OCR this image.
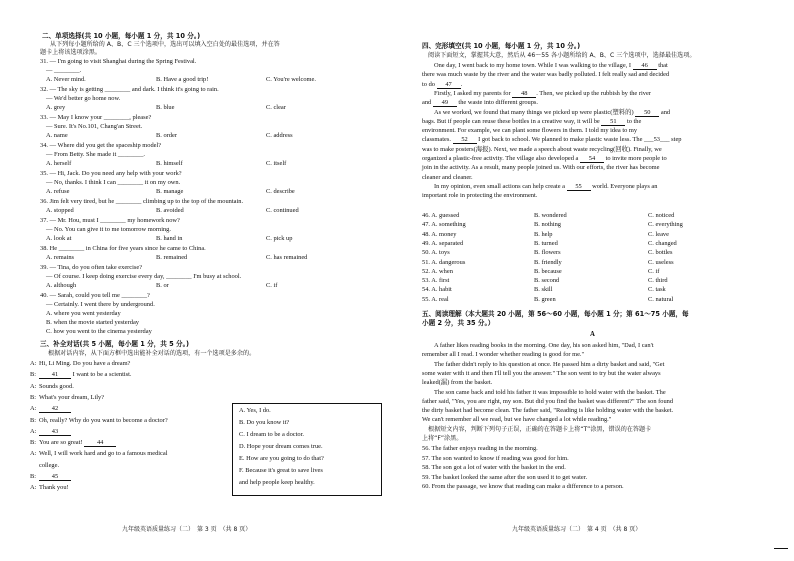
二、单项选择(共 10 小题，每小题 1 分，共 10 分。)
从下列每小题所给的 A、B、C 三个选项中，选出可以填入空白处的最佳选项，并在答
题卡上将该选项涂黑。
31. — I'm going to visit Shanghai during the Spring Festival.
— ________.
A. Never mind.	B. Have a good trip!	C. You're welcome.
32. — The sky is getting ________ and dark. I think it's going to rain.
— We'd better go home now.
A. grey	B. blue	C. clear
33. — May I know your ________, please?
— Sure. It's No.101, Chang'an Street.
A. name	B. order	C. address
34. — Where did you get the spaceship model?
— From Betty. She made it ________.
A. herself	B. himself	C. itself
35. — Hi, Jack. Do you need any help with your work?
— No, thanks. I think I can ________ it on my own.
A. refuse	B. manage	C. describe
36. Jim felt very tired, but he ________ climbing up to the top of the mountain.
A. stopped	B. avoided	C. continued
37. — Mr. Hou, must I ________ my homework now?
— No. You can give it to me tomorrow morning.
A. look at	B. hand in	C. pick up
38. He ________ in China for five years since he came to China.
A. remains	B. remained	C. has remained
39. — Tina, do you often take exercise?
— Of course. I keep doing exercise every day, ________ I'm busy at school.
A. although	B. or	C. if
40. — Sarah, could you tell me ________?
— Certainly. I went there by underground.
A. where you went yesterday
B. when the movie started yesterday
C. how you went to the cinema yesterday
三、补全对话(共 5 小题，每小题 1 分，共 5 分。)
根据对话内容，从下面方框中选出能补全对话的选项，有一个选项是多余的。
A: Hi, Li Ming. Do you have a dream?
B: 41 I want to be a scientist.
A: Sounds good.
B: What's your dream, Lily?
A: 42
B: Oh, really? Why do you want to become a doctor?
A: 43
B: You are so great! 44
A: Well, I will work hard and go to a famous medical
college.
B: 45
A: Thank you!
A. Yes, I do.
B. Do you know it?
C. I dream to be a doctor.
D. Hope your dream comes true.
E. How are you going to do that?
F. Because it's great to save lives
and help people keep healthy.
九年级英语质量练习（二）　第 3 页　（共 8 页）
四、完形填空(共 10 小题，每小题 1 分，共 10 分。)
阅读下面短文，掌握其大意，然后从 46～55 各小题所给的 A、B、C 三个选项中，选择最佳选项。
One day, I went back to my home town. While I was walking to the village, I 46 that
there was much waste by the river and the water was badly polluted. I felt really sad and decided
to do 47 .
Firstly, I asked my parents for 48 . Then, we picked up the rubbish by the river
and 49 the waste into different groups.
As we worked, we found that many things we picked up were plastic(塑料的) 50 and
bags. But if people can reuse these bottles in a creative way, it will be 51 to the
environment. For example, we can plant some flowers in them. I told my idea to my
classmates. 52 I got back to school. We planned to make plastic waste less. The ___53___ step
was to make posters(海报). Next, we made a speech about waste recycling(回收). Finally, we
organized a plastic-free activity. The village also developed a 54 to invite more people to
join in the activity. As a result, many people joined us. With our efforts, the river has become
cleaner and cleaner.
In my opinion, even small actions can help create a 55 world. Everyone plays an
important role in protecting the environment.
46. A. guessed	B. wondered	C. noticed
47. A. something	B. nothing	C. everything
48. A. money	B. help	C. leave
49. A. separated	B. turned	C. changed
50. A. toys	B. flowers	C. bottles
51. A. dangerous	B. friendly	C. useless
52. A. when	B. because	C. if
53. A. first	B. second	C. third
54. A. habit	B. skill	C. task
55. A. real	B. green	C. natural
五、阅读理解（本大题共 20 小题，第 56～60 小题，每小题 1 分；第 61～75 小题，每
小题 2 分，共 35 分。）
A
A father likes reading books in the morning. One day, his son asked him, "Dad, I can't
remember all I read. I wonder whether reading is good for me."
The father didn't reply to his question at once. He passed him a dirty basket and said, "Get
some water with it and then I'll tell you the answer." The son went to try but the water always
leaked(漏) from the basket.
The son came back and told his father it was impossible to hold water with the basket. The
father said, "Yes, you are right, my son. But did you find the basket was different?" The son found
the dirty basket had become clean. The father said, "Reading is like holding water with the basket.
We can't remember all we read, but we have changed a lot while reading."
根据短文内容，判断下列句子正误，正确的在答题卡上将“T”涂黑，错误的在答题卡
上将“F”涂黑。
56. The father enjoys reading in the morning.
57. The son wanted to know if reading was good for him.
58. The son got a lot of water with the basket in the end.
59. The basket looked the same after the son used it to get water.
60. From the passage, we know that reading can make a difference to a person.
九年级英语质量练习（二）　第 4 页　（共 8 页）
